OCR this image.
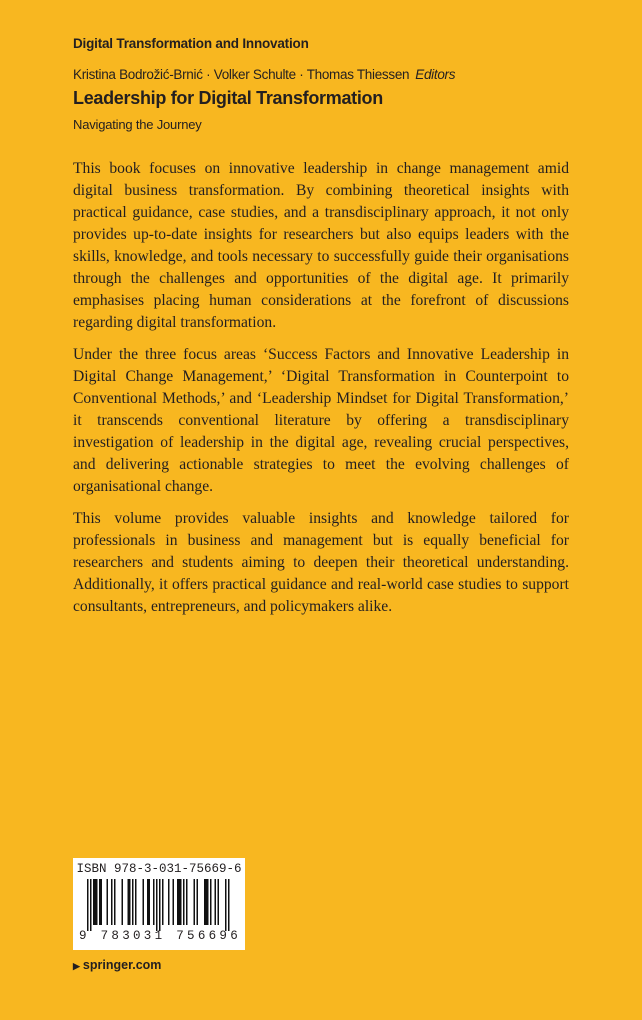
Digital Transformation and Innovation
Kristina Bodrožić-Brnić · Volker Schulte · Thomas Thiessen Editors
Leadership for Digital Transformation
Navigating the Journey

This book focuses on innovative leadership in change management amid digital business transformation. By combining theoretical insights with practical guidance, case studies, and a transdisciplinary approach, it not only provides up-to-date insights for researchers but also equips leaders with the skills, knowledge, and tools necessary to successfully guide their organisations through the challenges and opportunities of the digital age. It primarily emphasises placing human considerations at the forefront of discussions regarding digital transformation.

Under the three focus areas ‘Success Factors and Innovative Leadership in Digital Change Management,’ ‘Digital Transformation in Counterpoint to Conventional Methods,’ and ‘Leadership Mindset for Digital Transformation,’ it transcends conventional literature by offering a transdisciplinary investigation of leadership in the digital age, revealing crucial perspectives, and delivering actionable strategies to meet the evolving challenges of organisational change.

This volume provides valuable insights and knowledge tailored for professionals in business and management but is equally beneficial for researchers and students aiming to deepen their theoretical understanding. Additionally, it offers practical guidance and real-world case studies to support consultants, entrepreneurs, and policymakers alike.

ISBN 978-3-031-75669-6
9 783031 756696
▶ springer.com
